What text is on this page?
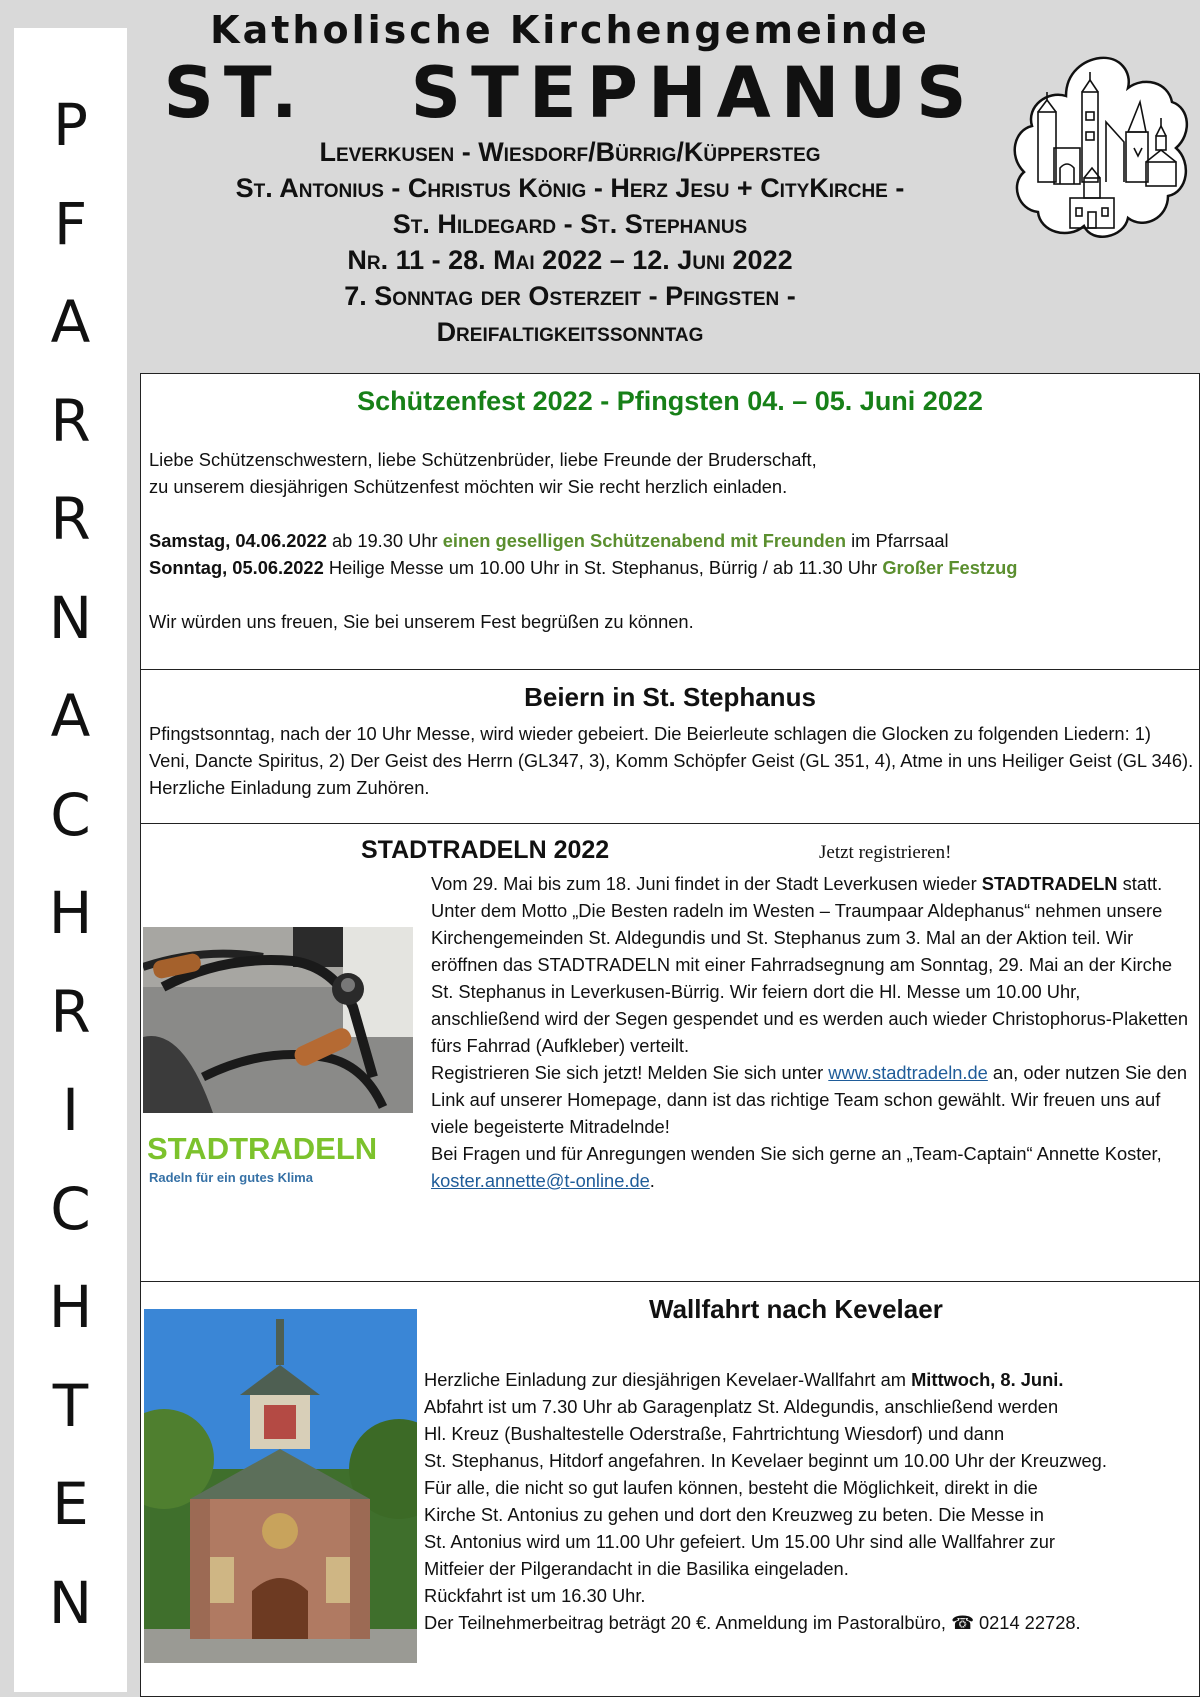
P
F
A
R
R
N
A
C
H
R
I
C
H
T
E
N
Katholische Kirchengemeinde
ST.   STEPHANUS
Leverkusen - Wiesdorf/Bürrig/Küppersteg
St. Antonius - Christus König - Herz Jesu + CityKirche -
St. Hildegard - St. Stephanus
Nr. 11 - 28. Mai 2022 – 12. Juni 2022
7. Sonntag der Osterzeit - Pfingsten -
Dreifaltigkeitssonntag
Schützenfest 2022 - Pfingsten 04. – 05. Juni 2022

Liebe Schützenschwestern, liebe Schützenbrüder, liebe Freunde der Bruderschaft,
zu unserem diesjährigen Schützenfest möchten wir Sie recht herzlich einladen.

Samstag, 04.06.2022 ab 19.30 Uhr einen geselligen Schützenabend mit Freunden im Pfarrsaal
Sonntag, 05.06.2022 Heilige Messe um 10.00 Uhr in St. Stephanus, Bürrig / ab 11.30 Uhr Großer Festzug

Wir würden uns freuen, Sie bei unserem Fest begrüßen zu können.

Beiern in St. Stephanus
Pfingstsonntag, nach der 10 Uhr Messe, wird wieder gebeiert. Die Beierleute schlagen die Glocken zu folgenden Liedern: 1) Veni, Dancte Spiritus, 2) Der Geist des Herrn (GL347, 3), Komm Schöpfer Geist (GL 351, 4), Atme in uns Heiliger Geist (GL 346). Herzliche Einladung zum Zuhören.
STADTRADELN 2022	Jetzt registrieren!
STADTRADELN
Radeln für ein gutes Klima
Vom 29. Mai bis zum 18. Juni findet in der Stadt Leverkusen wieder STADTRADELN statt.
Unter dem Motto „Die Besten radeln im Westen – Traumpaar Aldephanus“ nehmen unsere Kirchengemeinden St. Aldegundis und St. Stephanus zum 3. Mal an der Aktion teil. Wir eröffnen das STADTRADELN mit einer Fahrradsegnung am Sonntag, 29. Mai an der Kirche St. Stephanus in Leverkusen-Bürrig. Wir feiern dort die Hl. Messe um 10.00 Uhr, anschließend wird der Segen gespendet und es werden auch wieder Christophorus-Plaketten fürs Fahrrad (Aufkleber) verteilt.
Registrieren Sie sich jetzt! Melden Sie sich unter www.stadtradeln.de an, oder nutzen Sie den Link auf unserer Homepage, dann ist das richtige Team schon gewählt. Wir freuen uns auf viele begeisterte Mitradelnde!
Bei Fragen und für Anregungen wenden Sie sich gerne an „Team-Captain“ Annette Koster, koster.annette@t-online.de.
Wallfahrt nach Kevelaer
Herzliche Einladung zur diesjährigen Kevelaer-Wallfahrt am Mittwoch, 8. Juni.
Abfahrt ist um 7.30 Uhr ab Garagenplatz St. Aldegundis, anschließend werden
Hl. Kreuz (Bushaltestelle Oderstraße, Fahrtrichtung Wiesdorf) und dann
St. Stephanus, Hitdorf angefahren. In Kevelaer beginnt um 10.00 Uhr der Kreuzweg.
Für alle, die nicht so gut laufen können, besteht die Möglichkeit, direkt in die
Kirche St. Antonius zu gehen und dort den Kreuzweg zu beten. Die Messe in
St. Antonius wird um 11.00 Uhr gefeiert. Um 15.00 Uhr sind alle Wallfahrer zur
Mitfeier der Pilgerandacht in die Basilika eingeladen.
Rückfahrt ist um 16.30 Uhr.
Der Teilnehmerbeitrag beträgt 20 €. Anmeldung im Pastoralbüro, ☎ 0214 22728.
